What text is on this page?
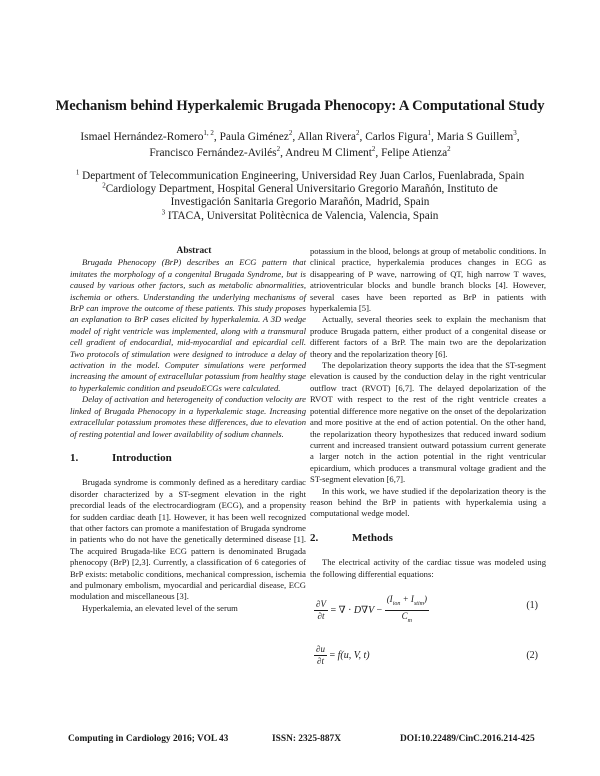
Mechanism behind Hyperkalemic Brugada Phenocopy: A Computational Study

Ismael Hernández-Romero$^{1, 2}$, Paula Giménez$^2$, Allan Rivera$^2$, Carlos Figura$^1$, Maria S Guillem$^3$,

Francisco Fernández-Avilés$^2$, Andreu M Climent$^2$, Felipe Atienza$^2$

$^1$ Department of Telecommunication Engineering, Universidad Rey Juan Carlos, Fuenlabrada, Spain

$^2$Cardiology Department, Hospital General Universitario Gregorio Marañón, Instituto de

Investigación Sanitaria Gregorio Marañón, Madrid, Spain

$^3$ ITACA, Universitat Politècnica de Valencia, Valencia, Spain

Abstract

Brugada Phenocopy (BrP) describes an ECG pattern that imitates the morphology of a congenital Brugada Syndrome, but is caused by various other factors, such as metabolic abnormalities, ischemia or others. Understanding the underlying mechanisms of BrP can improve the outcome of these patients. This study proposes an explanation to BrP cases elicited by hyperkalemia. A 3D wedge model of right ventricle was implemented, along with a transmural cell gradient of endocardial, mid-myocardial and epicardial cell. Two protocols of stimulation were designed to introduce a delay of activation in the model. Computer simulations were performed increasing the amount of extracellular potassium from healthy stage to hyperkalemic condition and pseudoECGs were calculated.

Delay of activation and heterogeneity of conduction velocity are linked of Brugada Phenocopy in a hyperkalemic stage. Increasing extracellular potassium promotes these differences, due to elevation of resting potential and lower availability of sodium channels.

1.	Introduction

Brugada syndrome is commonly defined as a hereditary cardiac disorder characterized by a ST-segment elevation in the right precordial leads of the electrocardiogram (ECG), and a propensity for sudden cardiac death [1]. However, it has been well recognized that other factors can promote a manifestation of Brugada syndrome in patients who do not have the genetically determined disease [1]. The acquired Brugada-like ECG pattern is denominated Brugada phenocopy (BrP) [2,3]. Currently, a classification of 6 categories of BrP exists: metabolic conditions, mechanical compression, ischemia and pulmonary embolism, myocardial and pericardial disease, ECG modulation and miscellaneous [3].

Hyperkalemia, an elevated level of the serum

potassium in the blood, belongs at group of metabolic conditions. In clinical practice, hyperkalemia produces changes in ECG as disappearing of P wave, narrowing of QT, high narrow T waves, atrioventricular blocks and bundle branch blocks [4]. However, several cases have been reported as BrP in patients with hyperkalemia [5].

Actually, several theories seek to explain the mechanism that produce Brugada pattern, either product of a congenital disease or different factors of a BrP. The main two are the depolarization theory and the repolarization theory [6].

The depolarization theory supports the idea that the ST-segment elevation is caused by the conduction delay in the right ventricular outflow tract (RVOT) [6,7]. The delayed depolarization of the RVOT with respect to the rest of the right ventricle creates a potential difference more negative on the onset of the depolarization and more positive at the end of action potential. On the other hand, the repolarization theory hypothesizes that reduced inward sodium current and increased transient outward potassium current generate a larger notch in the action potential in the right ventricular epicardium, which produces a transmural voltage gradient and the ST-segment elevation [6,7].

In this work, we have studied if the depolarization theory is the reason behind the BrP in patients with hyperkalemia using a computational wedge model.

2.	Methods

The electrical activity of the cardiac tissue was modeled using the following differential equations:

$\frac{\partial V}{\partial t}$ = ∇ · $D\nabla V - \frac{(I_{ion} + I_{stim})}{C_m}$	(1)
$\frac{\partial u}{\partial t} = f(u$, V, t)	(2)
Computing in Cardiology 2016; VOL 43	ISSN: 2325-887X	DOI:10.22489/CinC.2016.214-425
